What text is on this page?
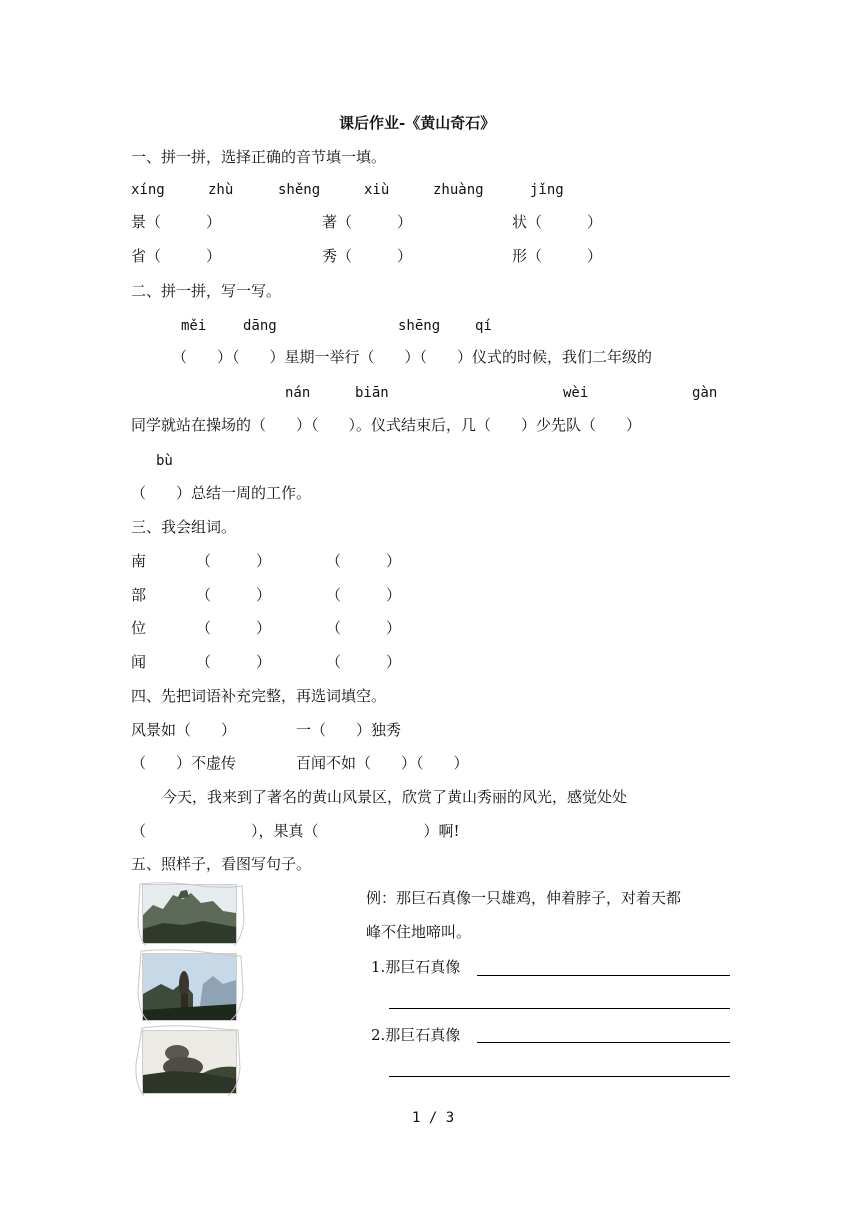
课后作业-《黄山奇石》
一、拼一拼，选择正确的音节填一填。
xíng	zhù	shěng	xiù	zhuàng	jǐng
景（　　　）	著（　　　）	状（　　　）
省（　　　）	秀（　　　）	形（　　　）
二、拼一拼，写一写。
měi	dāng	shēng qí
（　　）（　　）星期一举行（　　）（　　）仪式的时候，我们二年级的
nán	biān	wèi	gàn
同学就站在操场的（　　）（　　）。仪式结束后，几（　　）少先队（　　）
bù
（　　）总结一周的工作。
三、我会组词。
南	（　　　）	（　　　）
部	（　　　）	（　　　）
位	（　　　）	（　　　）
闻	（　　　）	（　　　）
四、先把词语补充完整，再选词填空。
风景如（　　）	一（　　）独秀
（　　）不虚传	百闻不如（　　）（　　）
今天，我来到了著名的黄山风景区，欣赏了黄山秀丽的风光，感觉处处
（　　　　　　　），果真（　　　　　　　）啊!
五、照样子，看图写句子。
例：那巨石真像一只雄鸡，伸着脖子，对着天都
峰不住地啼叫。
1.那巨石真像
2.那巨石真像
1 / 3
